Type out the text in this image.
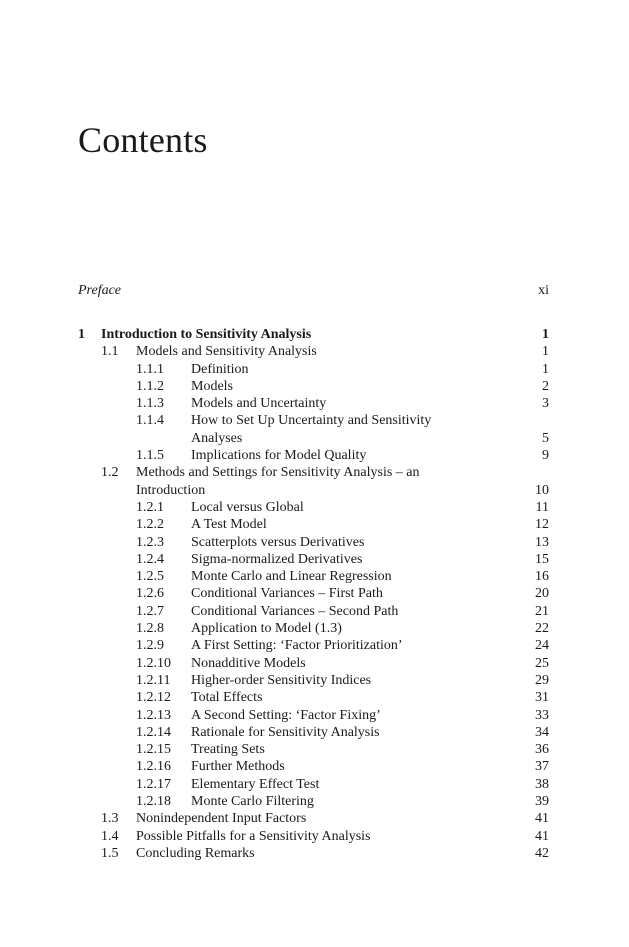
Contents
Preface	xi
1 Introduction to Sensitivity Analysis	1
1.1 Models and Sensitivity Analysis	1
1.1.1 Definition	1
1.1.2 Models	2
1.1.3 Models and Uncertainty	3
1.1.4 How to Set Up Uncertainty and Sensitivity Analyses	5
1.1.5 Implications for Model Quality	9
1.2 Methods and Settings for Sensitivity Analysis – an Introduction	10
1.2.1 Local versus Global	11
1.2.2 A Test Model	12
1.2.3 Scatterplots versus Derivatives	13
1.2.4 Sigma-normalized Derivatives	15
1.2.5 Monte Carlo and Linear Regression	16
1.2.6 Conditional Variances – First Path	20
1.2.7 Conditional Variances – Second Path	21
1.2.8 Application to Model (1.3)	22
1.2.9 A First Setting: ‘Factor Prioritization’	24
1.2.10 Nonadditive Models	25
1.2.11 Higher-order Sensitivity Indices	29
1.2.12 Total Effects	31
1.2.13 A Second Setting: ‘Factor Fixing’	33
1.2.14 Rationale for Sensitivity Analysis	34
1.2.15 Treating Sets	36
1.2.16 Further Methods	37
1.2.17 Elementary Effect Test	38
1.2.18 Monte Carlo Filtering	39
1.3 Nonindependent Input Factors	41
1.4 Possible Pitfalls for a Sensitivity Analysis	41
1.5 Concluding Remarks	42
